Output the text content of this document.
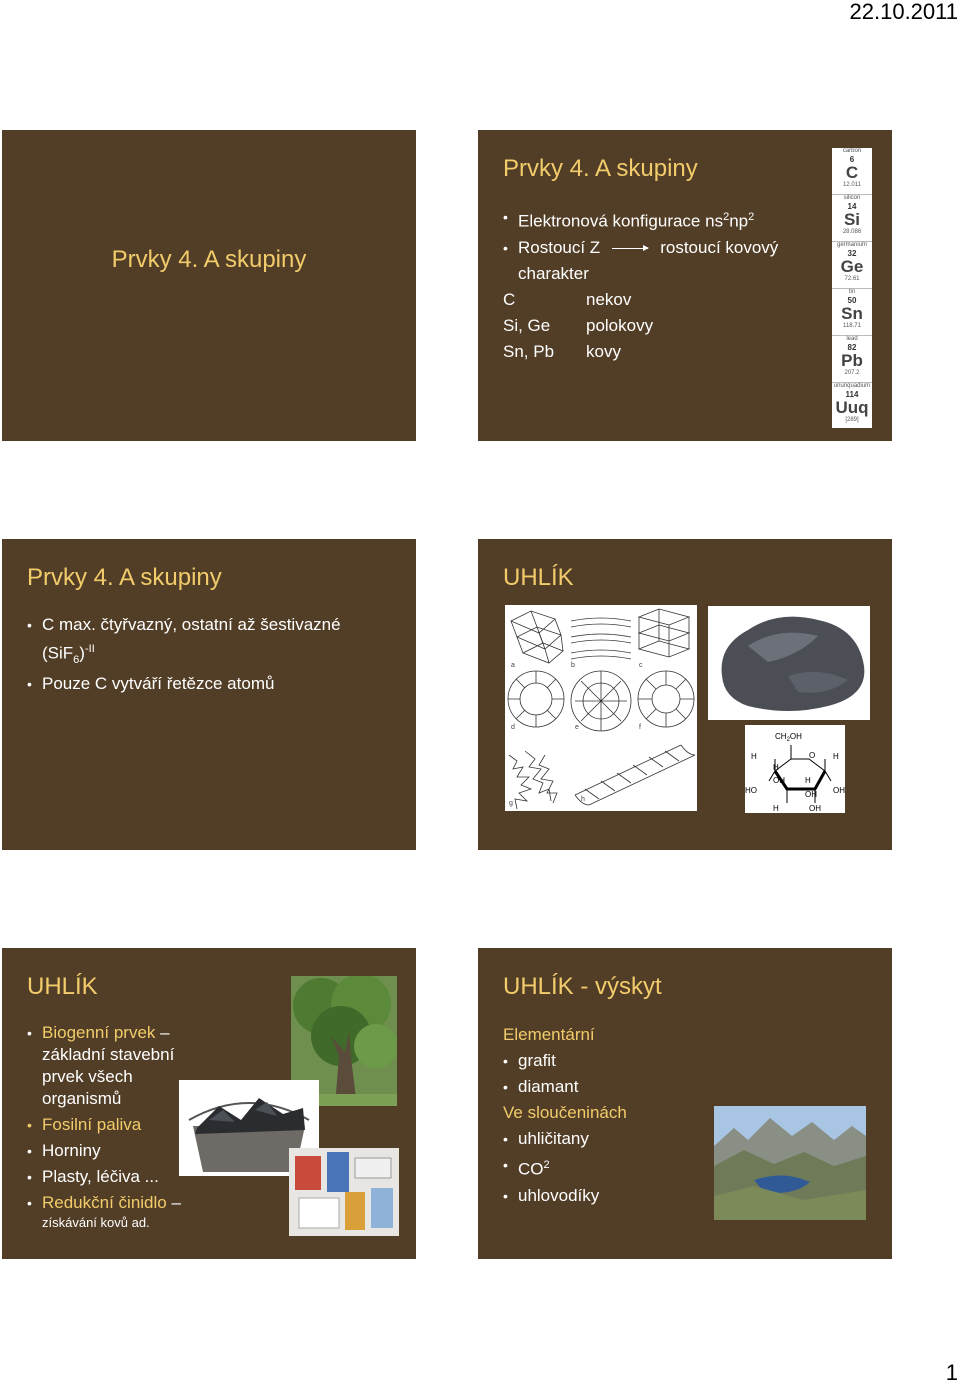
22.10.2011
Prvky 4. A skupiny
Prvky 4. A skupiny
• Elektronová konfigurace $ns^2np^2$
• Rostoucí Z	rostoucí kovový
charakter
C	nekov
Si, Ge polokovy
Sn, Pb kovy
carbon
6
C
12.011
silicon
14
Si
28.086
germanium
32
Ge
72.61
tin
50
Sn
118.71
lead
82
Pb
207.2
ununquadium
114
Uuq
[289]
Prvky 4. A skupiny
• C max. čtyřvazný, ostatní až šestivazné
$(SiF_6)^{-II}$
• Pouze C vytváří řetězce atomů
UHLÍK
a	b	c
d	e	f
g
h
$CH_2OH$
O
H	H
H
OH	H
OH
HO	OH
H	OH
UHLÍK
• Biogenní prvek –
základní stavební
prvek všech
organismů
• Fosilní paliva
• Horniny
• Plasty, léčiva ...
• Redukční činidlo –
získávání kovů ad.
UHLÍK - výskyt
Elementární
• grafit
• diamant
Ve sloučeninách
• uhličitany
• $CO^2$
• uhlovodíky
1
